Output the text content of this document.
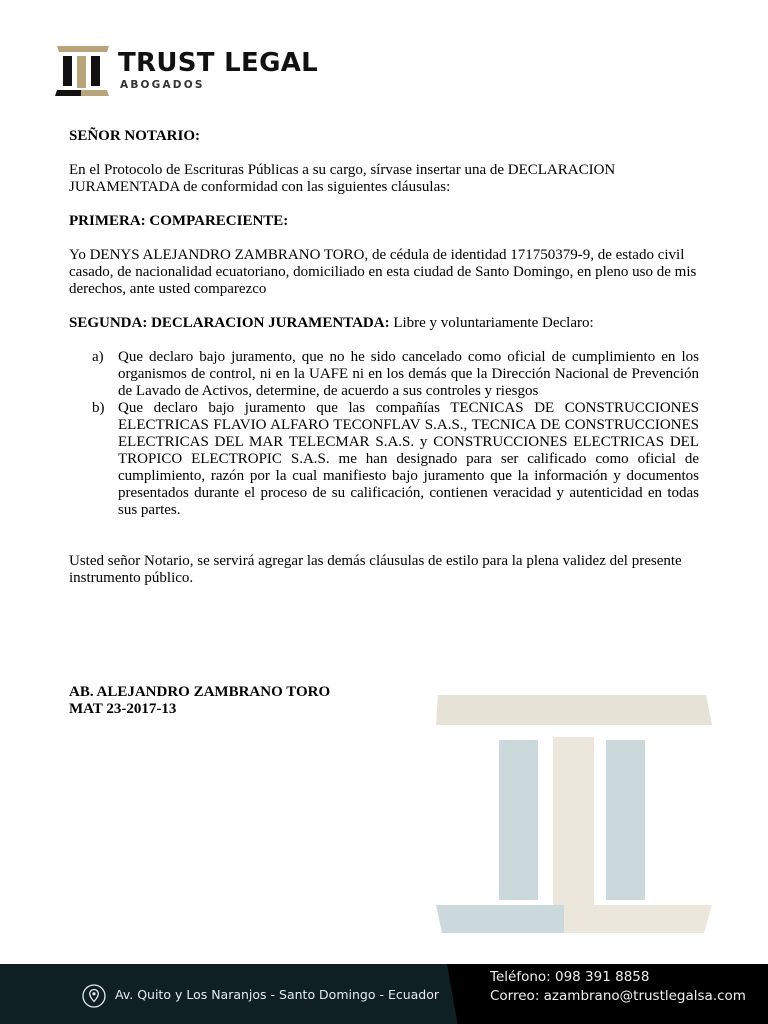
TRUST LEGAL
ABOGADOS

SEÑOR NOTARIO:

En el Protocolo de Escrituras Públicas a su cargo, sírvase insertar una de DECLARACION JURAMENTADA de conformidad con las siguientes cláusulas:

PRIMERA: COMPARECIENTE:

Yo DENYS ALEJANDRO ZAMBRANO TORO, de cédula de identidad 171750379-9, de estado civil casado, de nacionalidad ecuatoriano, domiciliado en esta ciudad de Santo Domingo, en pleno uso de mis derechos, ante usted comparezco

SEGUNDA: DECLARACION JURAMENTADA: Libre y voluntariamente Declaro:

a) Que declaro bajo juramento, que no he sido cancelado como oficial de cumplimiento en los organismos de control, ni en la UAFE ni en los demás que la Dirección Nacional de Prevención de Lavado de Activos, determine, de acuerdo a sus controles y riesgos
b) Que declaro bajo juramento que las compañías TECNICAS DE CONSTRUCCIONES ELECTRICAS FLAVIO ALFARO TECONFLAV S.A.S., TECNICA DE CONSTRUCCIONES ELECTRICAS DEL MAR TELECMAR S.A.S. y CONSTRUCCIONES ELECTRICAS DEL TROPICO ELECTROPIC S.A.S. me han designado para ser calificado como oficial de cumplimiento, razón por la cual manifiesto bajo juramento que la información y documentos presentados durante el proceso de su calificación, contienen veracidad y autenticidad en todas sus partes.

Usted señor Notario, se servirá agregar las demás cláusulas de estilo para la plena validez del presente instrumento público.

AB. ALEJANDRO ZAMBRANO TORO
MAT 23-2017-13
Av. Quito y Los Naranjos - Santo Domingo - Ecuador
Teléfono: 098 391 8858
Correo: azambrano@trustlegalsa.com
